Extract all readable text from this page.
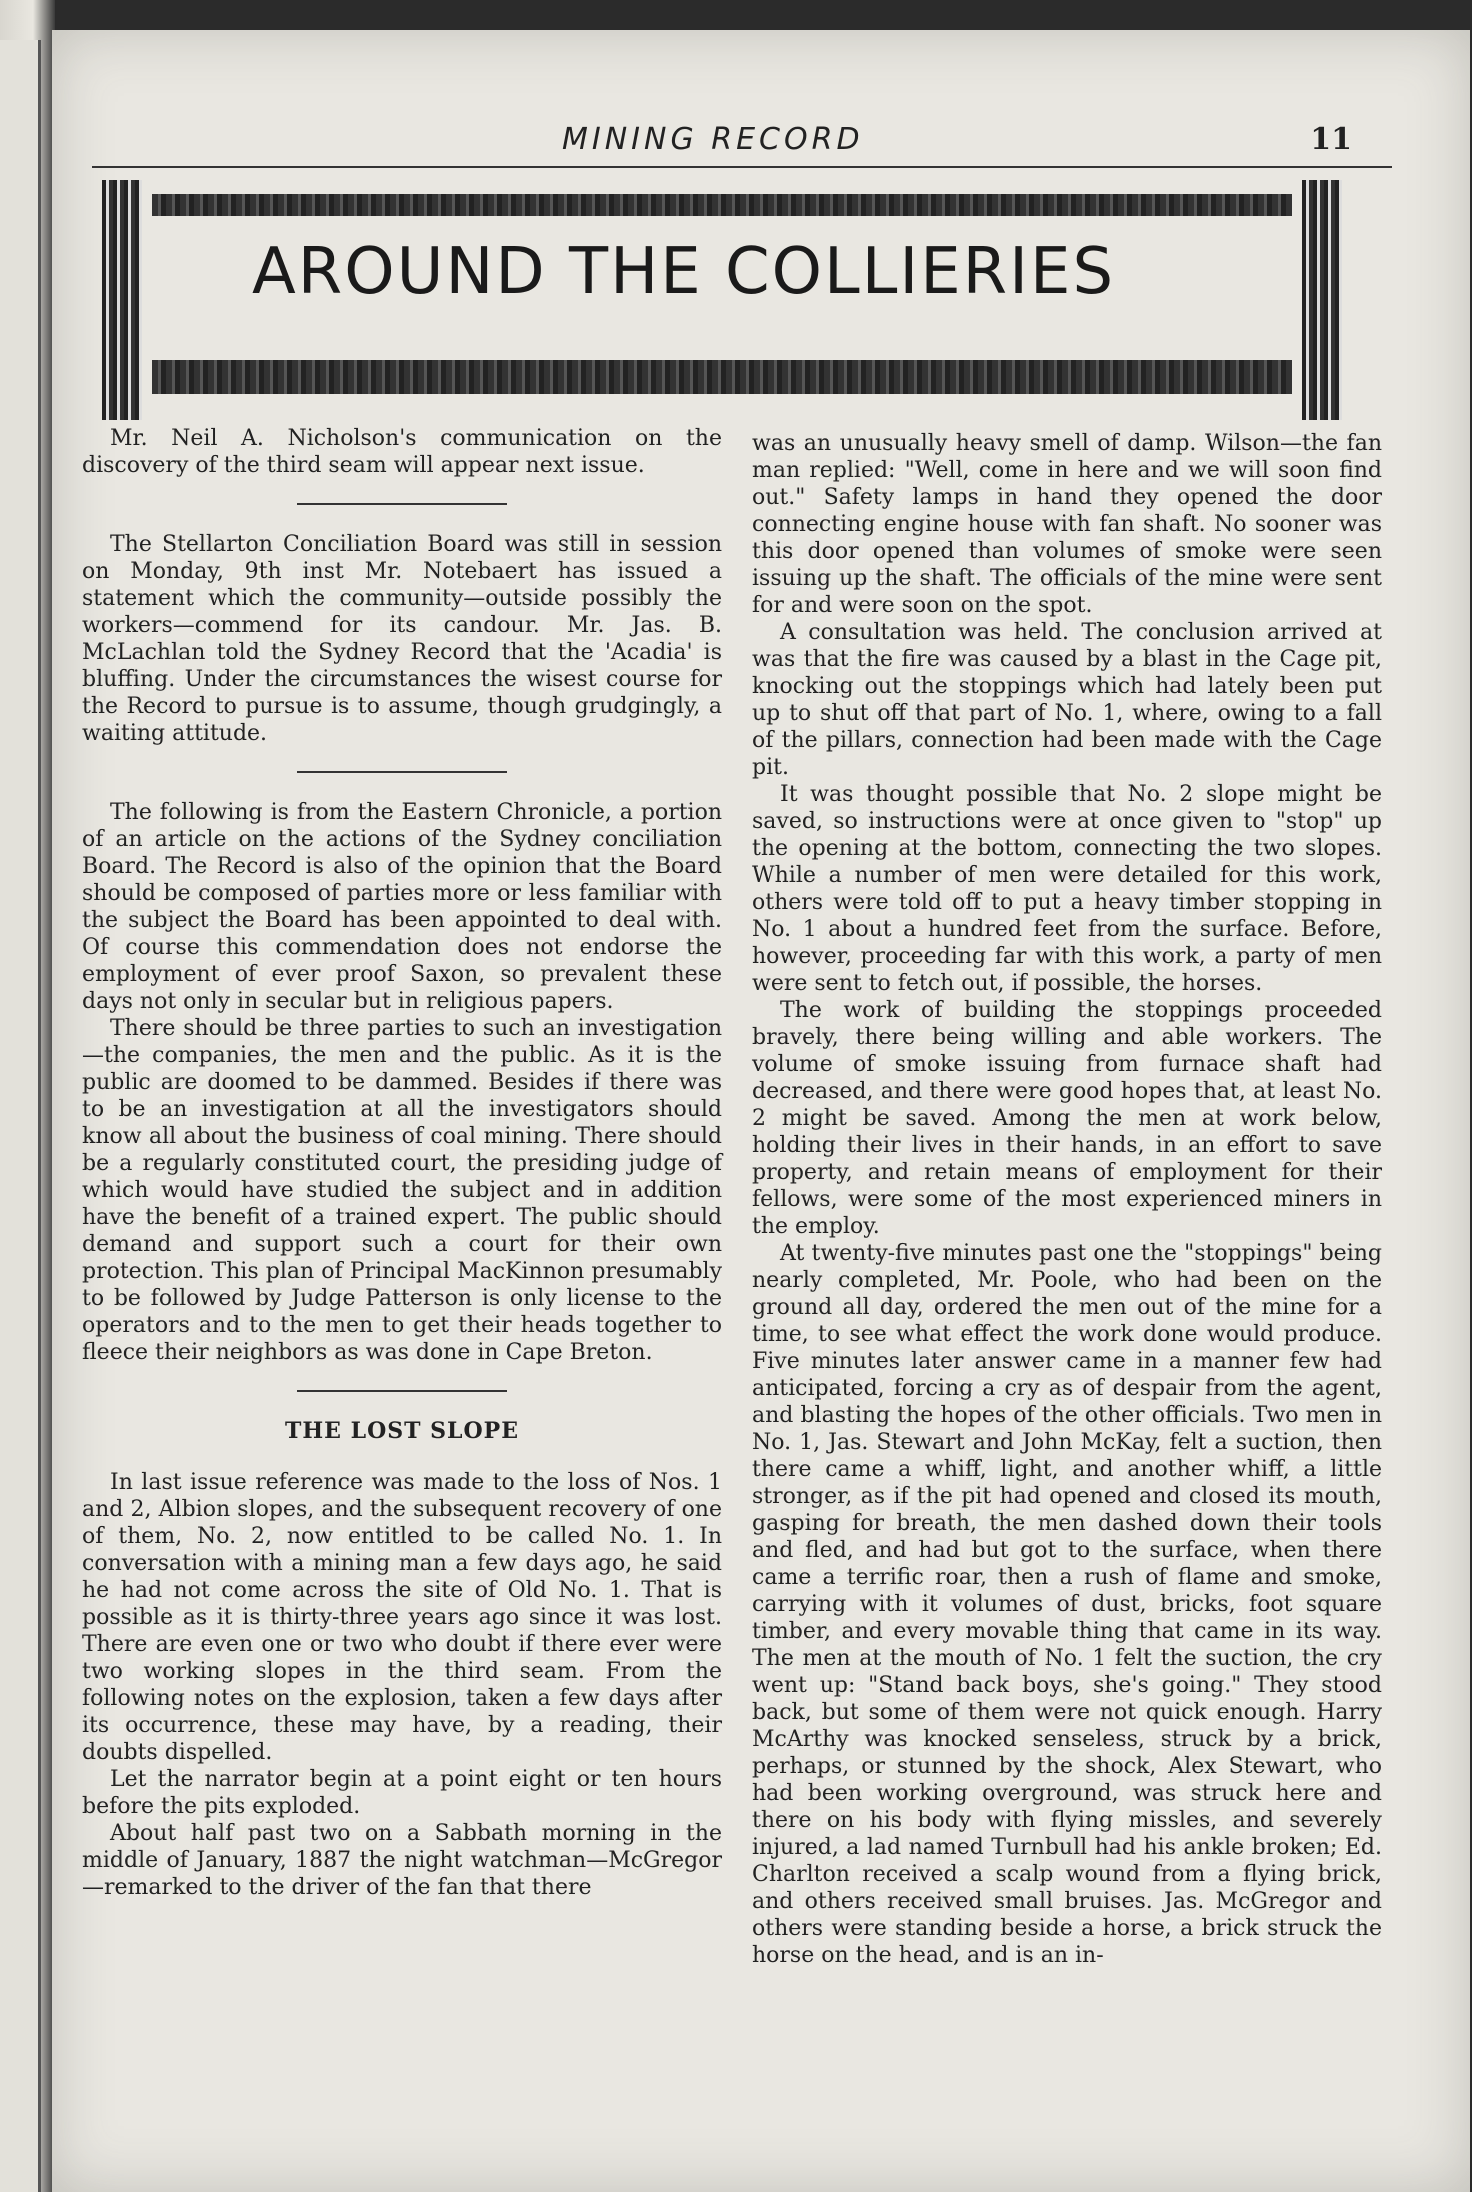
MINING RECORD	11
AROUND THE COLLIERIES

Mr. Neil A. Nicholson's communication on the discovery of the third seam will appear next issue.

The Stellarton Conciliation Board was still in session on Monday, 9th inst Mr. Notebaert has issued a statement which the community—outside possibly the workers—commend for its candour. Mr. Jas. B. McLachlan told the Sydney Record that the 'Acadia' is bluffing. Under the circumstances the wisest course for the Record to pursue is to assume, though grudgingly, a waiting attitude.

The following is from the Eastern Chronicle, a portion of an article on the actions of the Sydney conciliation Board. The Record is also of the opinion that the Board should be composed of parties more or less familiar with the subject the Board has been appointed to deal with. Of course this commendation does not endorse the employment of ever proof Saxon, so prevalent these days not only in secular but in religious papers.

There should be three parties to such an investigation—the companies, the men and the public. As it is the public are doomed to be dammed. Besides if there was to be an investigation at all the investigators should know all about the business of coal mining. There should be a regularly constituted court, the presiding judge of which would have studied the subject and in addition have the benefit of a trained expert. The public should demand and support such a court for their own protection. This plan of Principal MacKinnon presumably to be followed by Judge Patterson is only license to the operators and to the men to get their heads together to fleece their neighbors as was done in Cape Breton.

THE LOST SLOPE

In last issue reference was made to the loss of Nos. 1 and 2, Albion slopes, and the subsequent recovery of one of them, No. 2, now entitled to be called No. 1. In conversation with a mining man a few days ago, he said he had not come across the site of Old No. 1. That is possible as it is thirty-three years ago since it was lost. There are even one or two who doubt if there ever were two working slopes in the third seam. From the following notes on the explosion, taken a few days after its occurrence, these may have, by a reading, their doubts dispelled.

Let the narrator begin at a point eight or ten hours before the pits exploded.

About half past two on a Sabbath morning in the middle of January, 1887 the night watchman—McGregor—remarked to the driver of the fan that there

was an unusually heavy smell of damp. Wilson—the fan man replied: "Well, come in here and we will soon find out." Safety lamps in hand they opened the door connecting engine house with fan shaft. No sooner was this door opened than volumes of smoke were seen issuing up the shaft. The officials of the mine were sent for and were soon on the spot.

A consultation was held. The conclusion arrived at was that the fire was caused by a blast in the Cage pit, knocking out the stoppings which had lately been put up to shut off that part of No. 1, where, owing to a fall of the pillars, connection had been made with the Cage pit.

It was thought possible that No. 2 slope might be saved, so instructions were at once given to "stop" up the opening at the bottom, connecting the two slopes. While a number of men were detailed for this work, others were told off to put a heavy timber stopping in No. 1 about a hundred feet from the surface. Before, however, proceeding far with this work, a party of men were sent to fetch out, if possible, the horses.

The work of building the stoppings proceeded bravely, there being willing and able workers. The volume of smoke issuing from furnace shaft had decreased, and there were good hopes that, at least No. 2 might be saved. Among the men at work below, holding their lives in their hands, in an effort to save property, and retain means of employment for their fellows, were some of the most experienced miners in the employ.

At twenty-five minutes past one the "stoppings" being nearly completed, Mr. Poole, who had been on the ground all day, ordered the men out of the mine for a time, to see what effect the work done would produce. Five minutes later answer came in a manner few had anticipated, forcing a cry as of despair from the agent, and blasting the hopes of the other officials. Two men in No. 1, Jas. Stewart and John McKay, felt a suction, then there came a whiff, light, and another whiff, a little stronger, as if the pit had opened and closed its mouth, gasping for breath, the men dashed down their tools and fled, and had but got to the surface, when there came a terrific roar, then a rush of flame and smoke, carrying with it volumes of dust, bricks, foot square timber, and every movable thing that came in its way. The men at the mouth of No. 1 felt the suction, the cry went up: "Stand back boys, she's going." They stood back, but some of them were not quick enough. Harry McArthy was knocked senseless, struck by a brick, perhaps, or stunned by the shock, Alex Stewart, who had been working overground, was struck here and there on his body with flying missles, and severely injured, a lad named Turnbull had his ankle broken; Ed. Charlton received a scalp wound from a flying brick, and others received small bruises. Jas. McGregor and others were standing beside a horse, a brick struck the horse on the head, and is an in-
